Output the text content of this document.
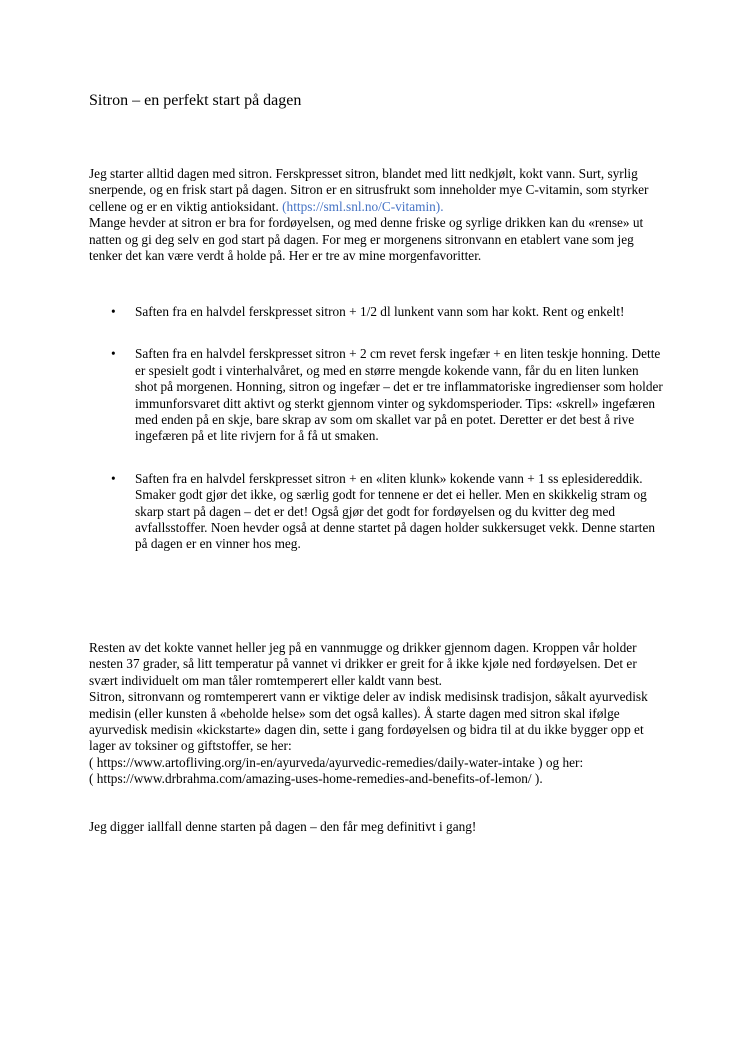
Sitron – en perfekt start på dagen

Jeg starter alltid dagen med sitron. Ferskpresset sitron, blandet med litt nedkjølt, kokt vann. Surt, syrlig snerpende, og en frisk start på dagen. Sitron er en sitrusfrukt som inneholder mye C-vitamin, som styrker cellene og er en viktig antioksidant. (https://sml.snl.no/C-vitamin).
Mange hevder at sitron er bra for fordøyelsen, og med denne friske og syrlige drikken kan du «rense» ut natten og gi deg selv en god start på dagen. For meg er morgenens sitronvann en etablert vane som jeg tenker det kan være verdt å holde på. Her er tre av mine morgenfavoritter.

• Saften fra en halvdel ferskpresset sitron + 1/2 dl lunkent vann som har kokt. Rent og enkelt!
• Saften fra en halvdel ferskpresset sitron + 2 cm revet fersk ingefær + en liten teskje honning. Dette er spesielt godt i vinterhalvåret, og med en større mengde kokende vann, får du en liten lunken shot på morgenen. Honning, sitron og ingefær – det er tre inflammatoriske ingredienser som holder immunforsvaret ditt aktivt og sterkt gjennom vinter og sykdomsperioder. Tips: «skrell» ingefæren med enden på en skje, bare skrap av som om skallet var på en potet. Deretter er det best å rive ingefæren på et lite rivjern for å få ut smaken.
• Saften fra en halvdel ferskpresset sitron + en «liten klunk» kokende vann + 1 ss eplesidereddik. Smaker godt gjør det ikke, og særlig godt for tennene er det ei heller. Men en skikkelig stram og skarp start på dagen – det er det! Også gjør det godt for fordøyelsen og du kvitter deg med avfallsstoffer. Noen hevder også at denne startet på dagen holder sukkersuget vekk. Denne starten på dagen er en vinner hos meg.

Resten av det kokte vannet heller jeg på en vannmugge og drikker gjennom dagen. Kroppen vår holder nesten 37 grader, så litt temperatur på vannet vi drikker er greit for å ikke kjøle ned fordøyelsen. Det er svært individuelt om man tåler romtemperert eller kaldt vann best.
Sitron, sitronvann og romtemperert vann er viktige deler av indisk medisinsk tradisjon, såkalt ayurvedisk medisin (eller kunsten å «beholde helse» som det også kalles). Å starte dagen med sitron skal ifølge ayurvedisk medisin «kickstarte» dagen din, sette i gang fordøyelsen og bidra til at du ikke bygger opp et lager av toksiner og giftstoffer, se her:
( https://www.artofliving.org/in-en/ayurveda/ayurvedic-remedies/daily-water-intake ) og her:
( https://www.drbrahma.com/amazing-uses-home-remedies-and-benefits-of-lemon/ ).

Jeg digger iallfall denne starten på dagen – den får meg definitivt i gang!
